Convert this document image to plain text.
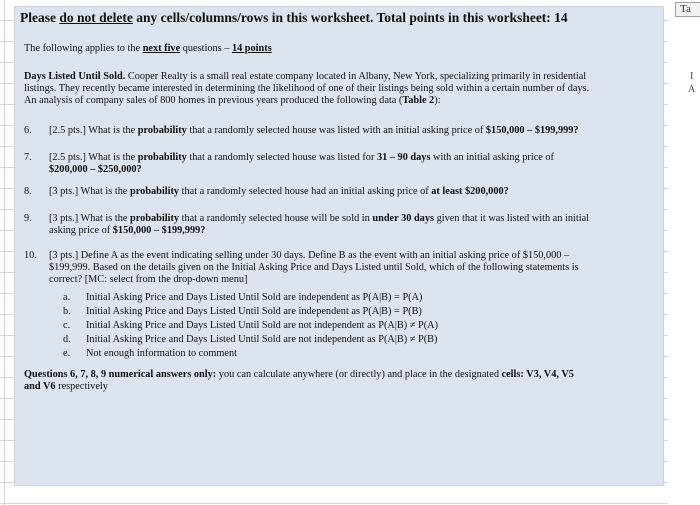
Please do not delete any cells/columns/rows in this worksheet. Total points in this worksheet: 14
The following applies to the next five questions – 14 points
Days Listed Until Sold. Cooper Realty is a small real estate company located in Albany, New York, specializing primarily in residential
listings. They recently became interested in determining the likelihood of one of their listings being sold within a certain number of days.
An analysis of company sales of 800 homes in previous years produced the following data (Table 2):
6. [2.5 pts.] What is the probability that a randomly selected house was listed with an initial asking price of $150,000 – $199,999?
7. [2.5 pts.] What is the probability that a randomly selected house was listed for 31 – 90 days with an initial asking price of
$200,000 – $250,000?
8. [3 pts.] What is the probability that a randomly selected house had an initial asking price of at least $200,000?
9. [3 pts.] What is the probability that a randomly selected house will be sold in under 30 days given that it was listed with an initial
asking price of $150,000 – $199,999?
10. [3 pts.] Define A as the event indicating selling under 30 days. Define B as the event with an initial asking price of $150,000 –
$199,999. Based on the details given on the Initial Asking Price and Days Listed until Sold, which of the following statements is
correct? [MC: select from the drop-down menu]
a. Initial Asking Price and Days Listed Until Sold are independent as P(A|B) = P(A)
b. Initial Asking Price and Days Listed Until Sold are independent as P(A|B) = P(B)
c. Initial Asking Price and Days Listed Until Sold are not independent as P(A|B) ≠ P(A)
d. Initial Asking Price and Days Listed Until Sold are not independent as P(A|B) ≠ P(B)
e. Not enough information to comment
Questions 6, 7, 8, 9 numerical answers only: you can calculate anywhere (or directly) and place in the designated cells: V3, V4, V5
and V6 respectively
Ta
I
A
